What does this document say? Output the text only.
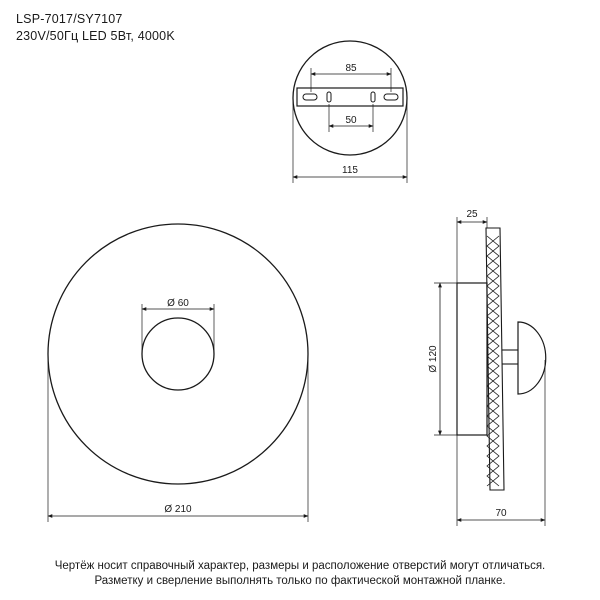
LSP-7017/SY7107
230V/50Гц LED 5Вт, 4000K
85
50
115
Ø 60
Ø 210
25
Ø 120
70
Чертёж носит справочный характер, размеры и расположение отверстий могут отличаться.
Разметку и сверление выполнять только по фактической монтажной планке.
